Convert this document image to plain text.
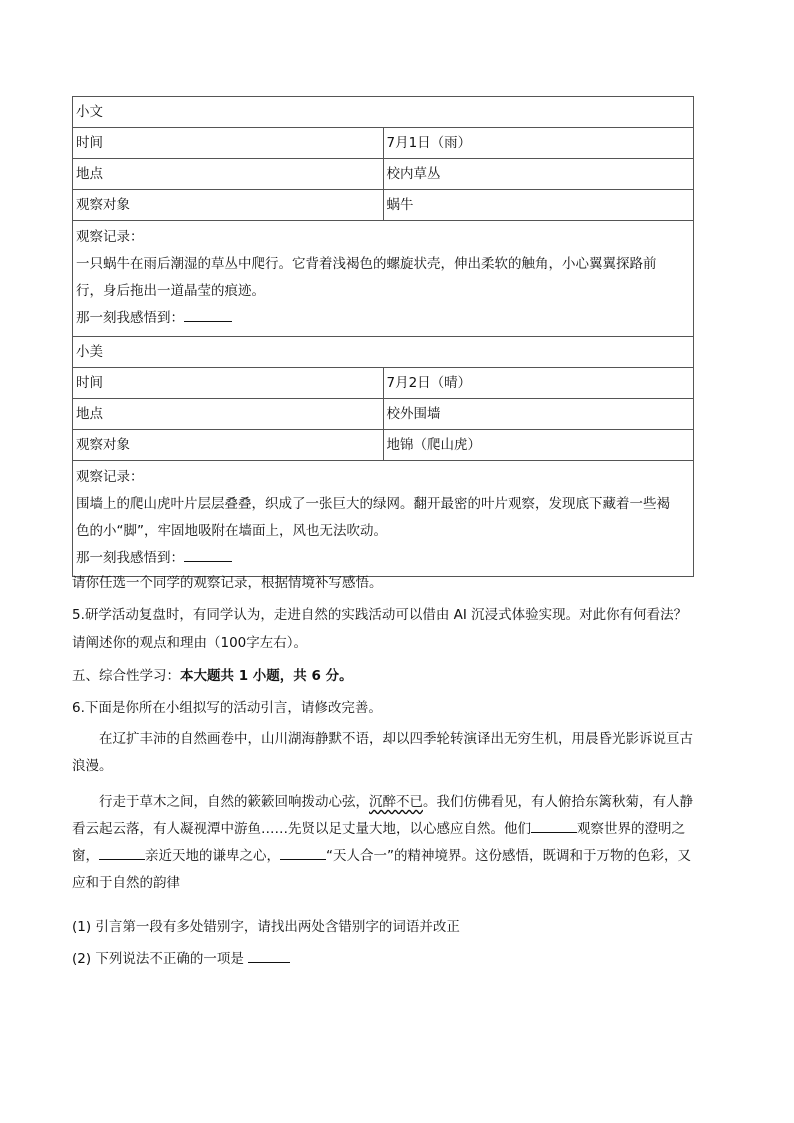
小文	
时间	7月1日（雨）
地点	校内草丛
观察对象	蜗牛

观察记录：

一只蜗牛在雨后潮湿的草丛中爬行。它背着浅褐色的螺旋状壳，伸出柔软的触角，小心翼翼探路前

行，身后拖出一道晶莹的痕迹。

那一刻我感悟到：	

小美	
时间	7月2日（晴）
地点	校外围墙
观察对象	地锦（爬山虎）

观察记录：

围墙上的爬山虎叶片层层叠叠，织成了一张巨大的绿网。翻开最密的叶片观察，发现底下藏着一些褐

色的小“脚”，牢固地吸附在墙面上，风也无法吹动。

那一刻我感悟到：	

请你任选一个同学的观察记录，根据情境补写感悟。

5.研学活动复盘时，有同学认为，走进自然的实践活动可以借由 AI 沉浸式体验实现。对此你有何看法？

请阐述你的观点和理由（100字左右）。

五、综合性学习：本大题共 1 小题，共 6 分。

6.下面是你所在小组拟写的活动引言，请修改完善。

在辽扩丰沛的自然画卷中，山川湖海静默不语，却以四季轮转演译出无穷生机，用晨昏光影诉说亘古浪漫。

行走于草木之间，自然的簌簌回响拨动心弦，沉醉不已。我们仿佛看见，有人俯拾东篱秋菊，有人静看云起云落，有人凝视潭中游鱼……先贤以足丈量大地，以心感应自然。他们	观察世界的澄明之窗，	亲近天地的谦卑之心，	“天人合一”的精神境界。这份感悟，既调和于万物的色彩，又应和于自然的韵律

(1) 引言第一段有多处错别字，请找出两处含错别字的词语并改正

(2) 下列说法不正确的一项是
